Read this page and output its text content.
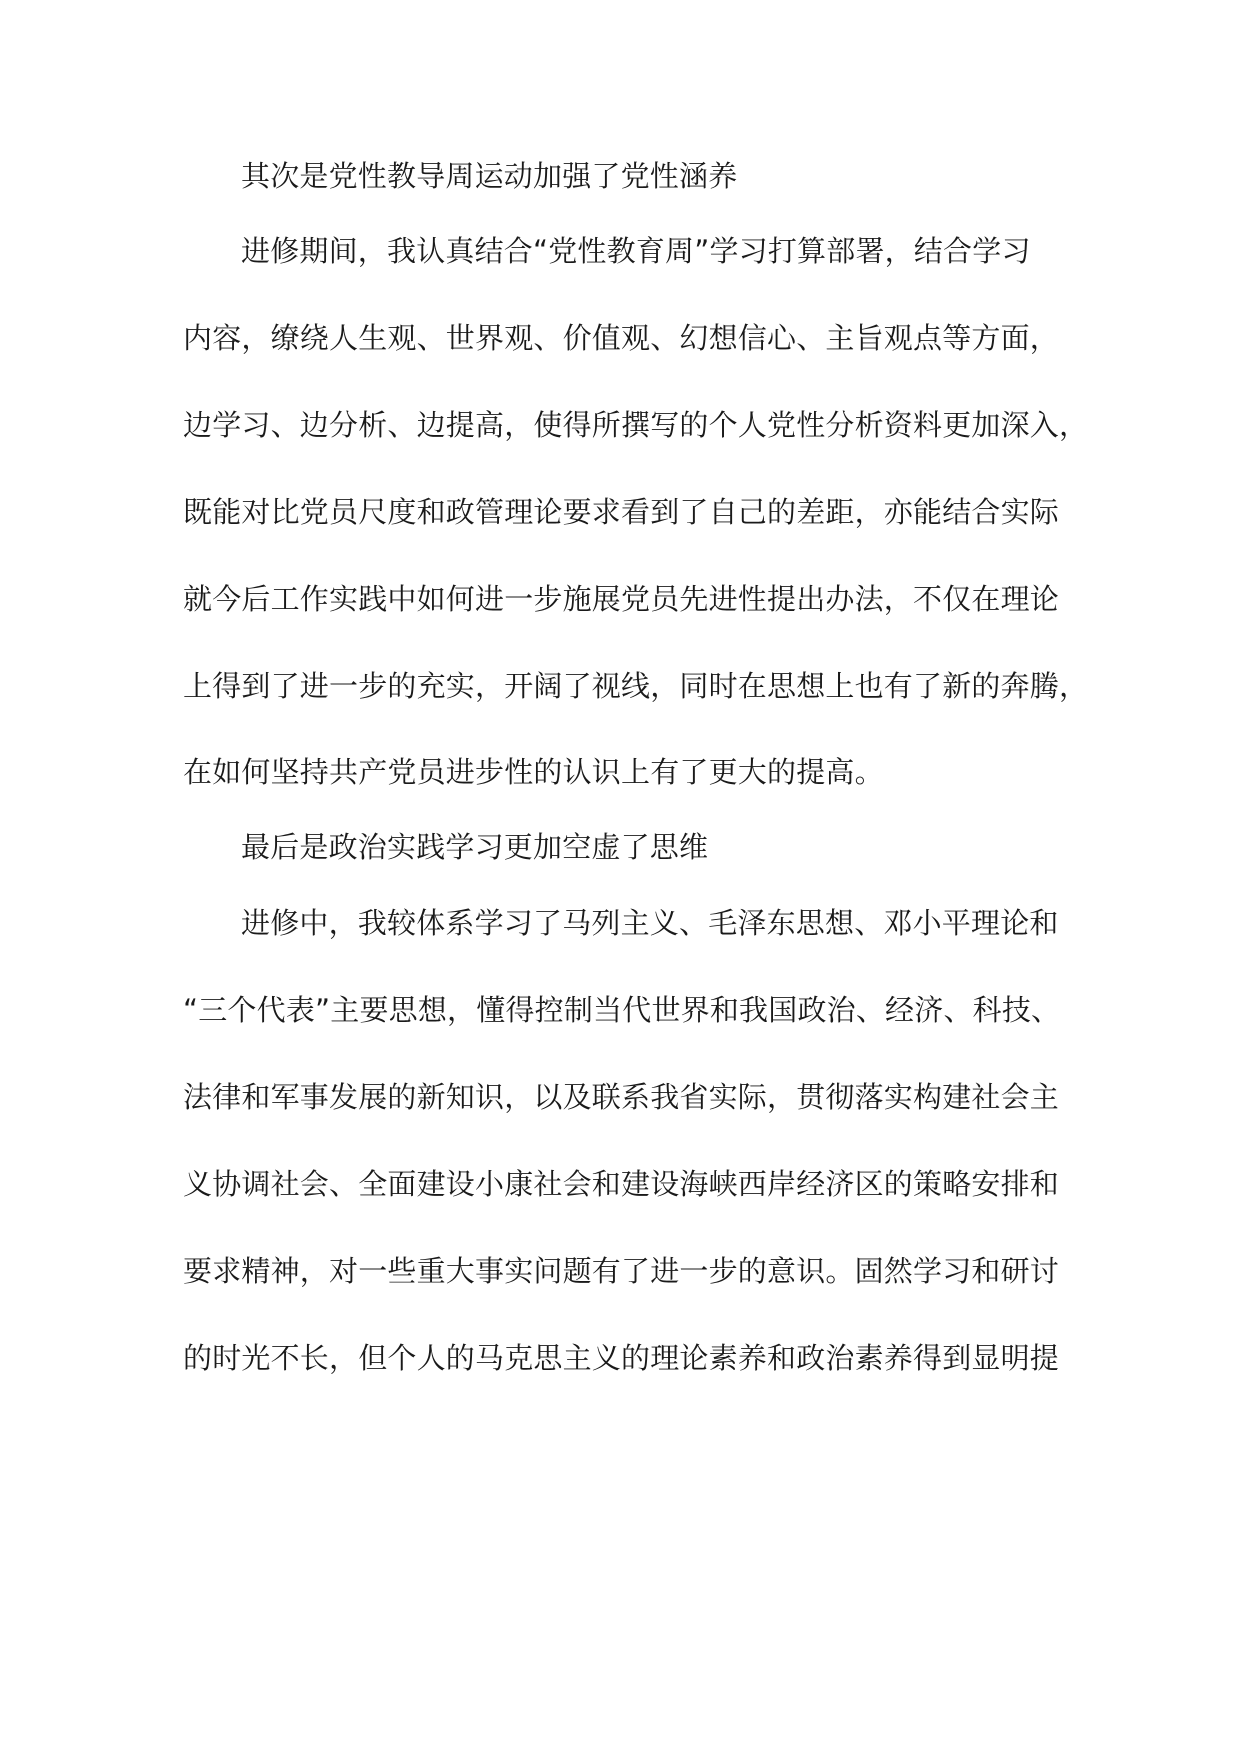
其次是党性教导周运动加强了党性涵养
进修期间，我认真结合“党性教育周”学习打算部署，结合学习
内容，缭绕人生观、世界观、价值观、幻想信心、主旨观点等方面，
边学习、边分析、边提高，使得所撰写的个人党性分析资料更加深入，
既能对比党员尺度和政管理论要求看到了自己的差距，亦能结合实际
就今后工作实践中如何进一步施展党员先进性提出办法，不仅在理论
上得到了进一步的充实，开阔了视线，同时在思想上也有了新的奔腾，
在如何坚持共产党员进步性的认识上有了更大的提高。
最后是政治实践学习更加空虚了思维
进修中，我较体系学习了马列主义、毛泽东思想、邓小平理论和
“三个代表”主要思想，懂得控制当代世界和我国政治、经济、科技、
法律和军事发展的新知识，以及联系我省实际，贯彻落实构建社会主
义协调社会、全面建设小康社会和建设海峡西岸经济区的策略安排和
要求精神，对一些重大事实问题有了进一步的意识。固然学习和研讨
的时光不长，但个人的马克思主义的理论素养和政治素养得到显明提
